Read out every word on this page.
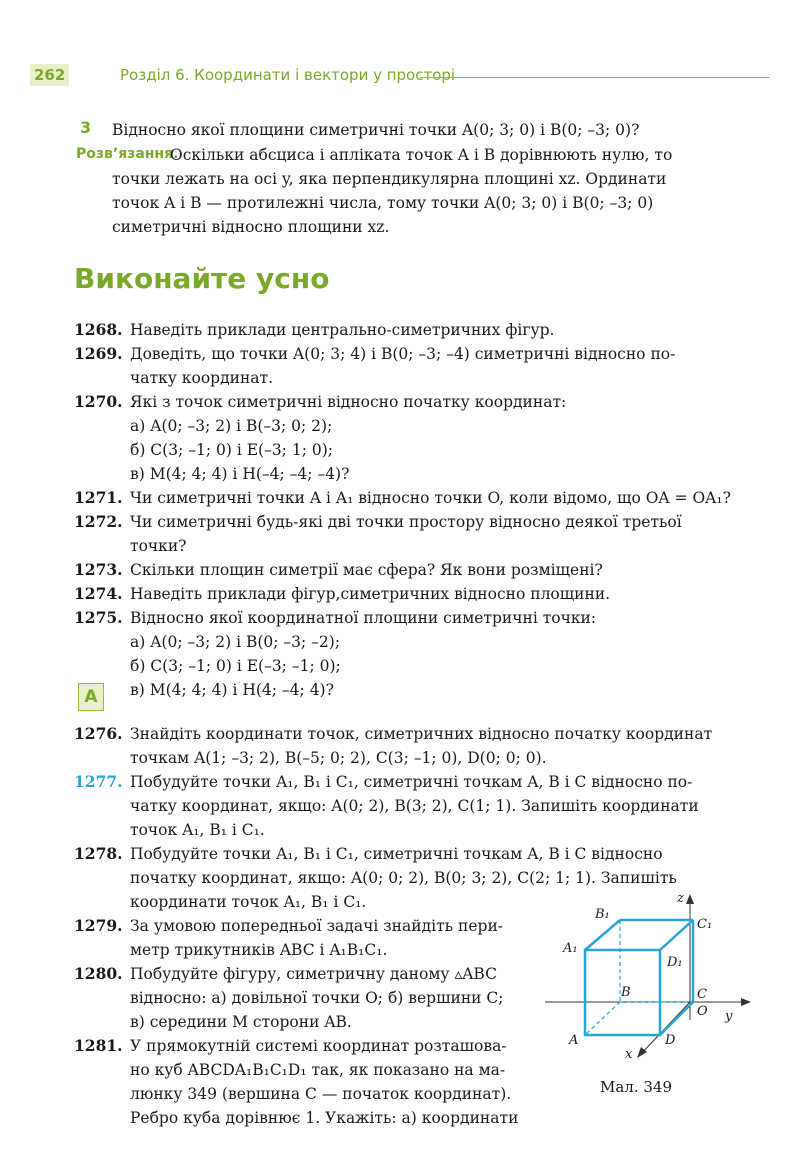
262	Розділ 6. Координати і вектори у просторі
3 Відносно якої площини симетричні точки A(0; 3; 0) і B(0; –3; 0)?
Розв’язання.
Оскільки абсциса і апліката точок A і B дорівнюють нулю, то
точки лежать на осі y, яка перпендикулярна площині xz. Ординати
точок A і B — протилежні числа, тому точки A(0; 3; 0) і B(0; –3; 0)
симетричні відносно площини xz.
Виконайте усно
1268. Наведіть приклади центрально-симетричних фігур.
1269. Доведіть, що точки A(0; 3; 4) і B(0; –3; –4) симетричні відносно по-
чатку координат.
1270. Які з точок симетричні відносно початку координат:
а) A(0; –3; 2) і B(–3; 0; 2);
б) C(3; –1; 0) і E(–3; 1; 0);
в) M(4; 4; 4) і H(–4; –4; –4)?
1271. Чи симетричні точки A і A₁ відносно точки O, коли відомо, що OA = OA₁?
1272. Чи симетричні будь-які дві точки простору відносно деякої третьої
точки?
1273. Скільки площин симетрії має сфера? Як вони розміщені?
1274. Наведіть приклади фігур,симетричних відносно площини.
1275. Відносно якої координатної площини симетричні точки:
а) A(0; –3; 2) і B(0; –3; –2);
б) C(3; –1; 0) і E(–3; –1; 0);
в) M(4; 4; 4) і H(4; –4; 4)?
А
1276. Знайдіть координати точок, симетричних відносно початку координат
точкам A(1; –3; 2), B(–5; 0; 2), C(3; –1; 0), D(0; 0; 0).
1277. Побудуйте точки A₁, B₁ і C₁, симетричні точкам A, B і C відносно по-
чатку координат, якщо: A(0; 2), B(3; 2), C(1; 1). Запишіть координати
точок A₁, B₁ і C₁.
1278. Побудуйте точки A₁, B₁ і C₁, симетричні точкам A, B і C відносно
початку координат, якщо: A(0; 0; 2), B(0; 3; 2), C(2; 1; 1). Запишіть
координати точок A₁, B₁ і C₁.
1279. За умовою попередньої задачі знайдіть пери-
метр трикутників ABC і A₁B₁C₁.
1280. Побудуйте фігуру, симетричну даному ▵ABC
відносно: а) довільної точки O; б) вершини C;
в) середини M сторони AB.
1281. У прямокутній системі координат розташова-
но куб ABCDA₁B₁C₁D₁ так, як показано на ма-
люнку 349 (вершина C — початок координат).
Ребро куба дорівнює 1. Укажіть: а) координати
z
y
x
B₁
C₁
A₁
D₁
B	C
O
A	D
Мал. 349
